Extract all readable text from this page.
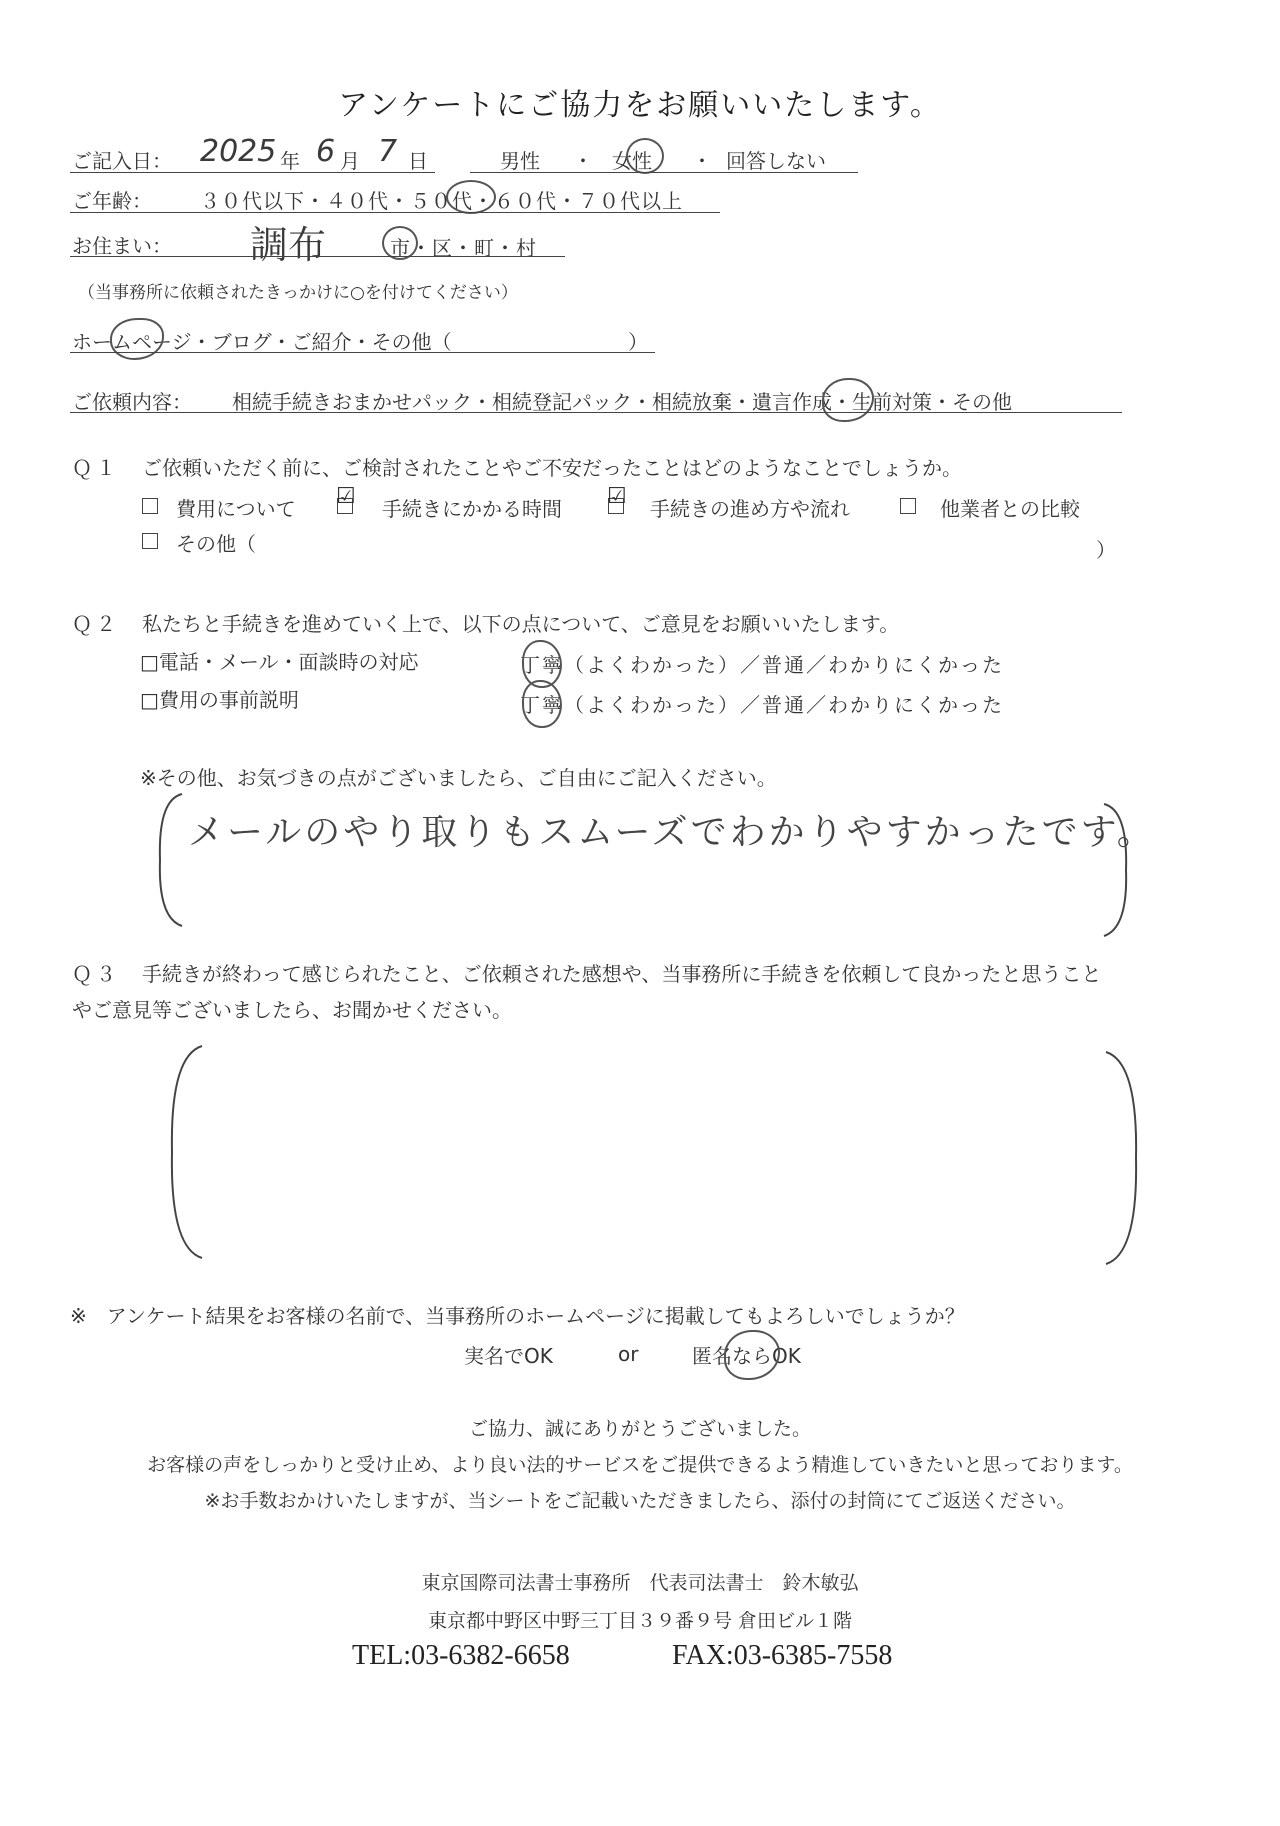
アンケートにご協力をお願いいたします。
ご記入日： 2025 年 6 月 7 日	男性 ・ 女性 ・ 回答しない
ご年齢： ３０代以下・４０代・５０代・６０代・７０代以上
お住まい： 調布	市・区・町・村
（当事務所に依頼されたきっかけに○を付けてください）
ホームページ・ブログ・ご紹介・その他（	）
ご依頼内容： 相続手続きおまかせパック・相続登記パック・相続放棄・遺言作成・生前対策・その他
Ｑ１ ご依頼いただく前に、ご検討されたことやご不安だったことはどのようなことでしょうか。
費用について ☑ 手続きにかかる時間 ☑ 手続きの進め方や流れ	他業者との比較
その他（	）
Ｑ２ 私たちと手続きを進めていく上で、以下の点について、ご意見をお願いいたします。
□電話・メール・面談時の対応	丁寧（よくわかった）／普通／わかりにくかった
□費用の事前説明	丁寧（よくわかった）／普通／わかりにくかった
※その他、お気づきの点がございましたら、ご自由にご記入ください。
メールのやり取りもスムーズでわかりやすかったです。
Ｑ３ 手続きが終わって感じられたこと、ご依頼された感想や、当事務所に手続きを依頼して良かったと思うこと
やご意見等ございましたら、お聞かせください。
※　アンケート結果をお客様の名前で、当事務所のホームページに掲載してもよろしいでしょうか？
実名でOK	or	匿名ならOK
ご協力、誠にありがとうございました。
お客様の声をしっかりと受け止め、より良い法的サービスをご提供できるよう精進していきたいと思っております。
※お手数おかけいたしますが、当シートをご記載いただきましたら、添付の封筒にてご返送ください。
東京国際司法書士事務所　代表司法書士　鈴木敏弘
東京都中野区中野三丁目３９番９号 倉田ビル１階
TEL:03-6382-6658	FAX:03-6385-7558
